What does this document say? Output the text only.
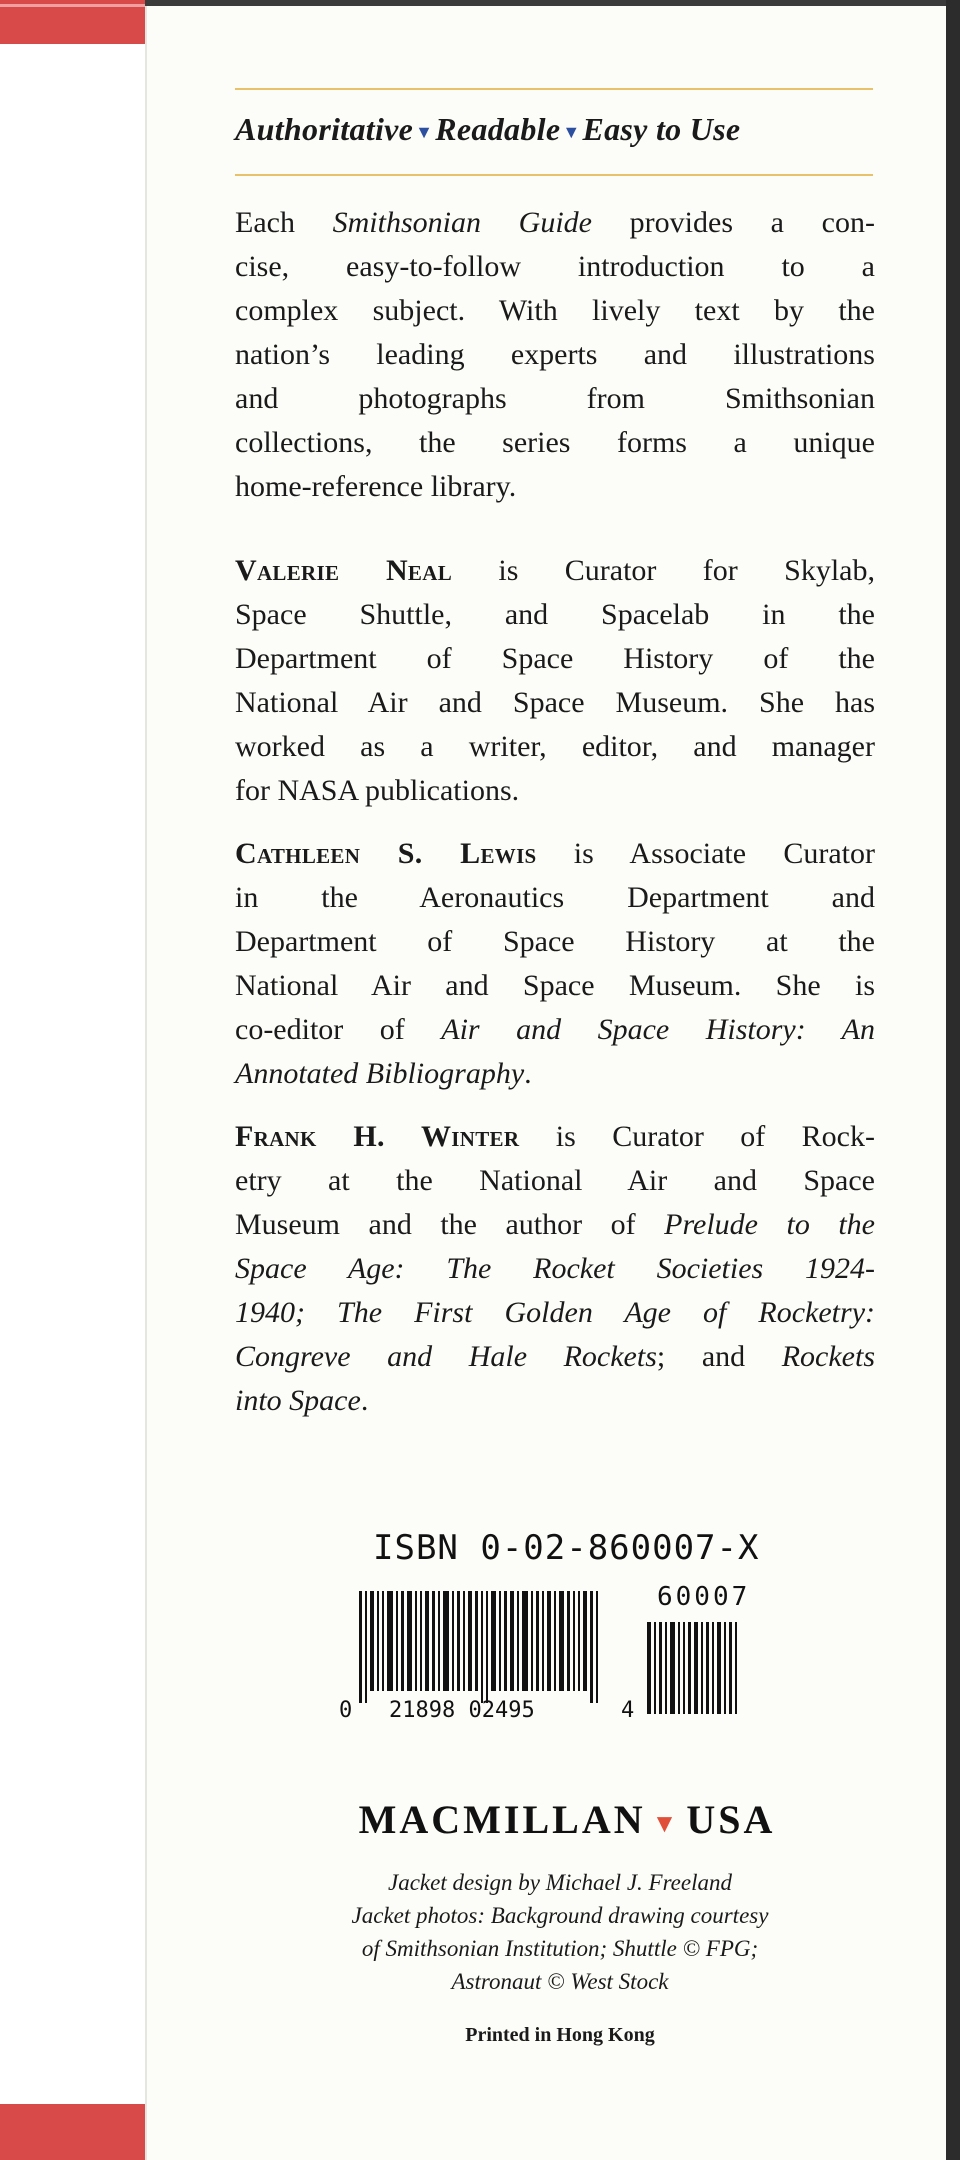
Authoritative ▼Readable ▼Easy to Use
Each Smithsonian Guide provides a con-
cise, easy-to-follow introduction to a
complex subject. With lively text by the
nation’s leading experts and illustrations
and photographs from Smithsonian
collections, the series forms a unique
home-reference library.
Valerie Neal is Curator for Skylab,
Space Shuttle, and Spacelab in the
Department of Space History of the
National Air and Space Museum. She has
worked as a writer, editor, and manager
for NASA publications.
Cathleen S. Lewis is Associate Curator
in the Aeronautics Department and
Department of Space History at the
National Air and Space Museum. She is
co-editor of Air and Space History: An
Annotated Bibliography.
Frank H. Winter is Curator of Rock-
etry at the National Air and Space
Museum and the author of Prelude to the
Space Age: The Rocket Societies 1924-
1940; The First Golden Age of Rocketry:
Congreve and Hale Rockets; and Rockets
into Space.
ISBN 0-02-860007-X
60007
0 21898 02495	4
MACMILLAN ▼ USA
Jacket design by Michael J. Freeland
Jacket photos: Background drawing courtesy
of Smithsonian Institution; Shuttle © FPG;
Astronaut © West Stock
Printed in Hong Kong
